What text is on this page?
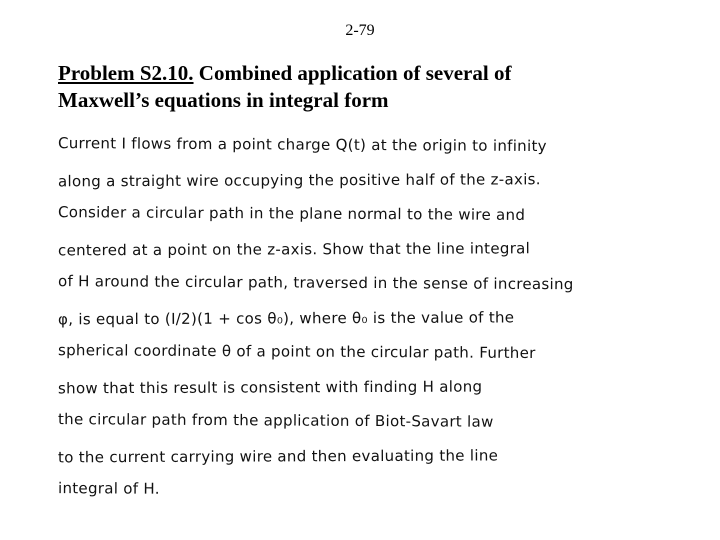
2-79
Problem S2.10. Combined application of several of
Maxwell’s equations in integral form
Current I flows from a point charge Q(t) at the origin to infinity
along a straight wire occupying the positive half of the z-axis.
Consider a circular path in the plane normal to the wire and
centered at a point on the z-axis. Show that the line integral
of H around the circular path, traversed in the sense of increasing
φ, is equal to (I/2)(1 + cos θ₀), where θ₀ is the value of the
spherical coordinate θ of a point on the circular path. Further
show that this result is consistent with finding H along
the circular path from the application of Biot-Savart law
to the current carrying wire and then evaluating the line
integral of H.
